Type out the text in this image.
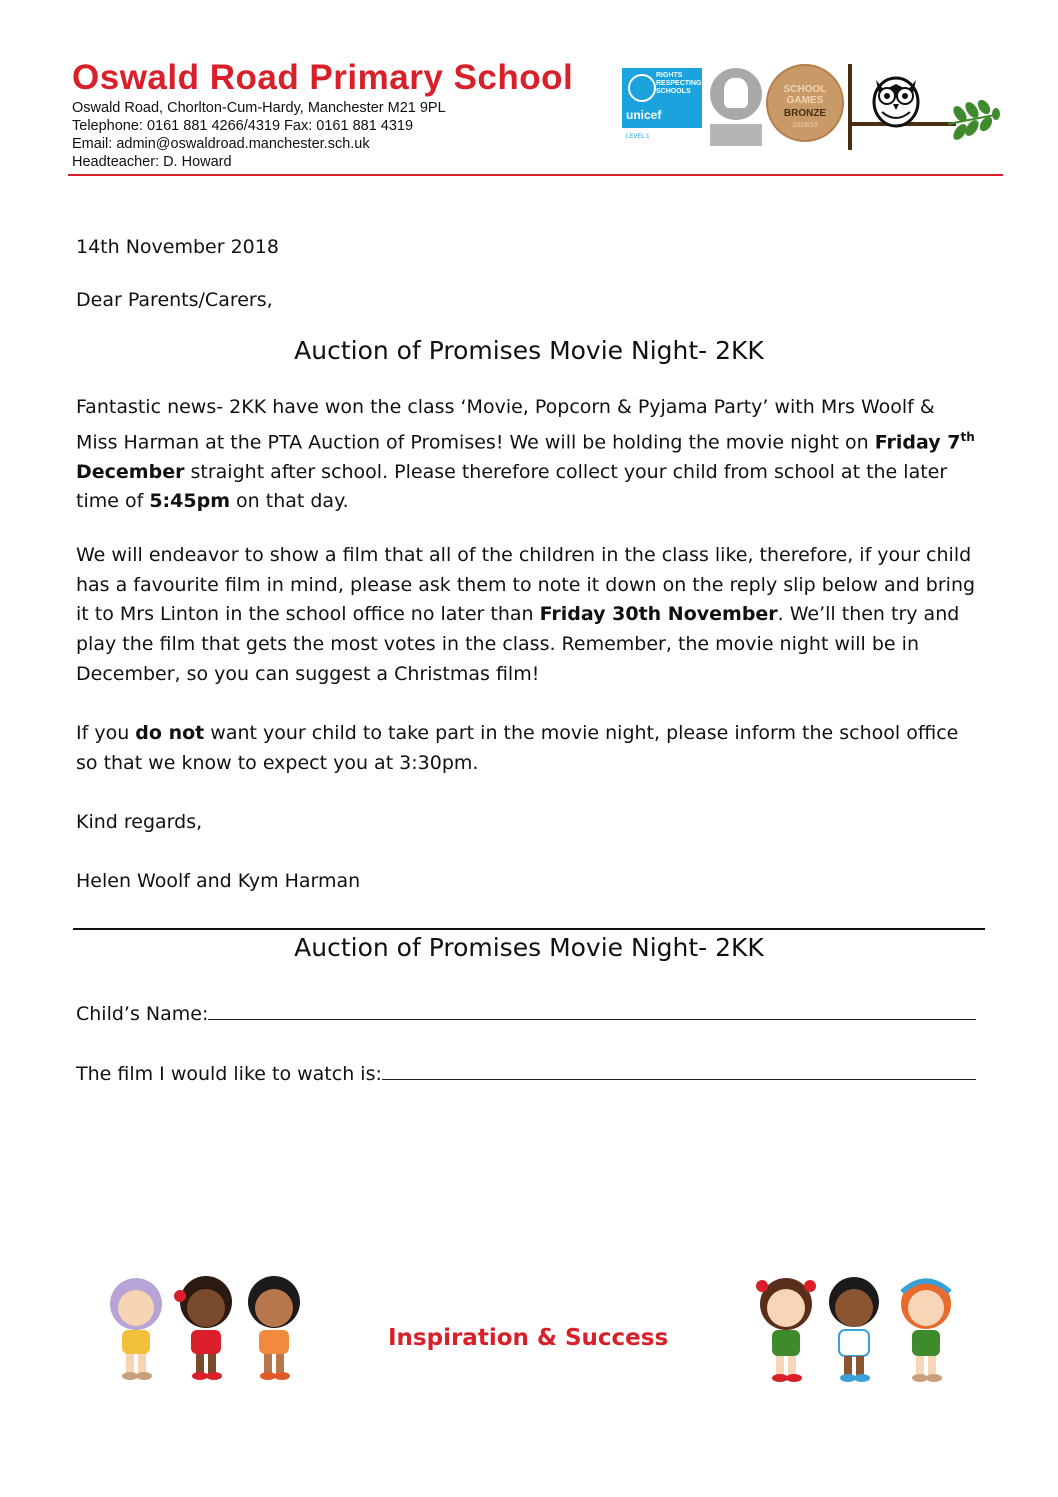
Oswald Road Primary School
Oswald Road, Chorlton-Cum-Hardy, Manchester M21 9PL
Telephone: 0161 881 4266/4319 Fax: 0161 881 4319
Email: admin@oswaldroad.manchester.sch.uk
Headteacher: D. Howard
RIGHTS RESPECTING SCHOOLS
unicef
LEVEL 1
SCHOOL GAMES
BRONZE
2015/16
14th November 2018
Dear Parents/Carers,
Auction of Promises Movie Night- 2KK
Fantastic news- 2KK have won the class ‘Movie, Popcorn & Pyjama Party’ with Mrs Woolf & Miss Harman at the PTA Auction of Promises! We will be holding the movie night on Friday 7th December straight after school. Please therefore collect your child from school at the later time of 5:45pm on that day.
We will endeavor to show a film that all of the children in the class like, therefore, if your child has a favourite film in mind, please ask them to note it down on the reply slip below and bring it to Mrs Linton in the school office no later than Friday 30th November. We’ll then try and play the film that gets the most votes in the class. Remember, the movie night will be in December, so you can suggest a Christmas film!
If you do not want your child to take part in the movie night, please inform the school office so that we know to expect you at 3:30pm.
Kind regards,
Helen Woolf and Kym Harman
Auction of Promises Movie Night- 2KK
Child’s Name:
The film I would like to watch is:
Inspiration & Success
